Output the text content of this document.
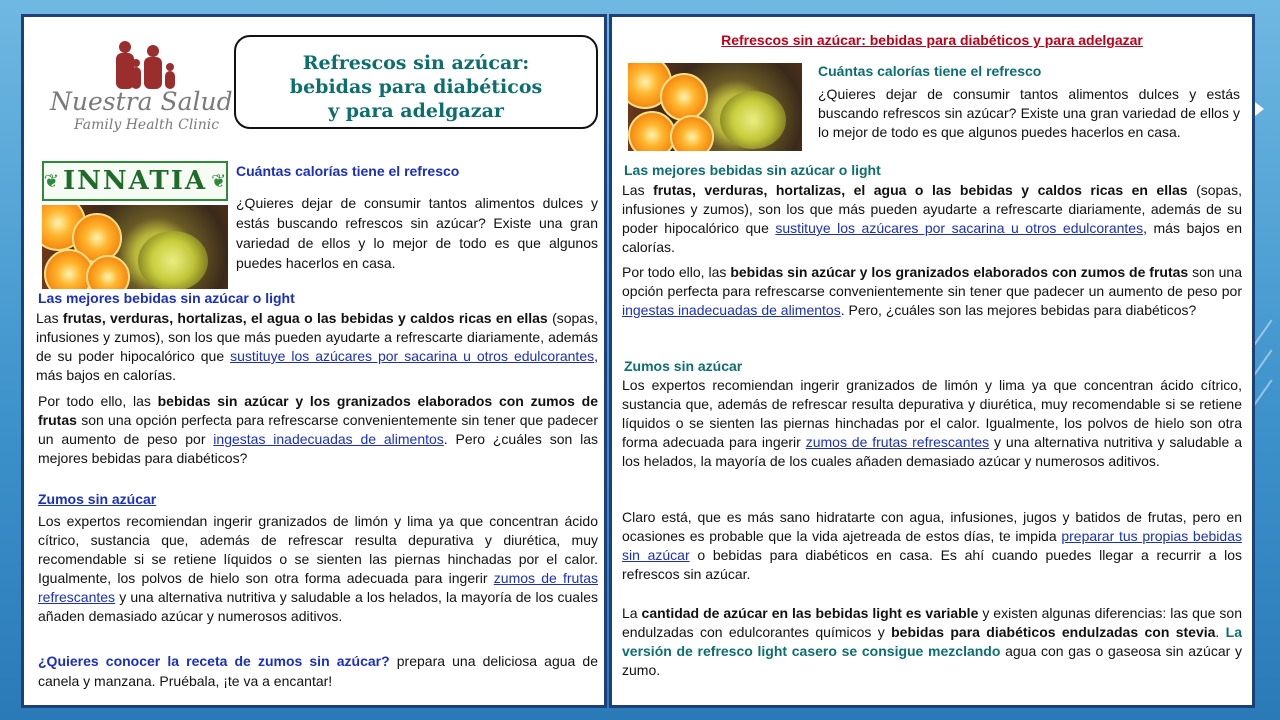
Nuestra Salud
Family Health Clinic
Refrescos sin azúcar:
bebidas para diabéticos
y para adelgazar
❦ INNATIA ❦ Cuántas calorías tiene el refresco
¿Quieres dejar de consumir tantos alimentos dulces y estás buscando refrescos sin azúcar? Existe una gran variedad de ellos y lo mejor de todo es que algunos puedes hacerlos en casa.
Las mejores bebidas sin azúcar o light
Las frutas, verduras, hortalizas, el agua o las bebidas y caldos ricas en ellas (sopas, infusiones y zumos), son los que más pueden ayudarte a refrescarte diariamente, además de su poder hipocalórico que sustituye los azúcares por sacarina u otros edulcorantes, más bajos en calorías.
Por todo ello, las bebidas sin azúcar y los granizados elaborados con zumos de frutas son una opción perfecta para refrescarse convenientemente sin tener que padecer un aumento de peso por ingestas inadecuadas de alimentos. Pero ¿cuáles son las mejores bebidas para diabéticos?
Zumos sin azúcar
Los expertos recomiendan ingerir granizados de limón y lima ya que concentran ácido cítrico, sustancia que, además de refrescar resulta depurativa y diurética, muy recomendable si se retiene líquidos o se sienten las piernas hinchadas por el calor. Igualmente, los polvos de hielo son otra forma adecuada para ingerir zumos de frutas refrescantes y una alternativa nutritiva y saludable a los helados, la mayoría de los cuales añaden demasiado azúcar y numerosos aditivos.
¿Quieres conocer la receta de zumos sin azúcar? prepara una deliciosa agua de canela y manzana. Pruébala, ¡te va a encantar!
Refrescos sin azúcar: bebidas para diabéticos y para adelgazar
Cuántas calorías tiene el refresco
¿Quieres dejar de consumir tantos alimentos dulces y estás buscando refrescos sin azúcar? Existe una gran variedad de ellos y lo mejor de todo es que algunos puedes hacerlos en casa.
Las mejores bebidas sin azúcar o light
Las frutas, verduras, hortalizas, el agua o las bebidas y caldos ricas en ellas (sopas, infusiones y zumos), son los que más pueden ayudarte a refrescarte diariamente, además de su poder hipocalórico que sustituye los azúcares por sacarina u otros edulcorantes, más bajos en calorías.
Por todo ello, las bebidas sin azúcar y los granizados elaborados con zumos de frutas son una opción perfecta para refrescarse convenientemente sin tener que padecer un aumento de peso por ingestas inadecuadas de alimentos. Pero, ¿cuáles son las mejores bebidas para diabéticos?
Zumos sin azúcar
Los expertos recomiendan ingerir granizados de limón y lima ya que concentran ácido cítrico, sustancia que, además de refrescar resulta depurativa y diurética, muy recomendable si se retiene líquidos o se sienten las piernas hinchadas por el calor. Igualmente, los polvos de hielo son otra forma adecuada para ingerir zumos de frutas refrescantes y una alternativa nutritiva y saludable a los helados, la mayoría de los cuales añaden demasiado azúcar y numerosos aditivos.
Claro está, que es más sano hidratarte con agua, infusiones, jugos y batidos de frutas, pero en ocasiones es probable que la vida ajetreada de estos días, te impida preparar tus propias bebidas sin azúcar o bebidas para diabéticos en casa. Es ahí cuando puedes llegar a recurrir a los refrescos sin azúcar.
La cantidad de azúcar en las bebidas light es variable y existen algunas diferencias: las que son endulzadas con edulcorantes químicos y bebidas para diabéticos endulzadas con stevia. La versión de refresco light casero se consigue mezclando agua con gas o gaseosa sin azúcar y zumo.
